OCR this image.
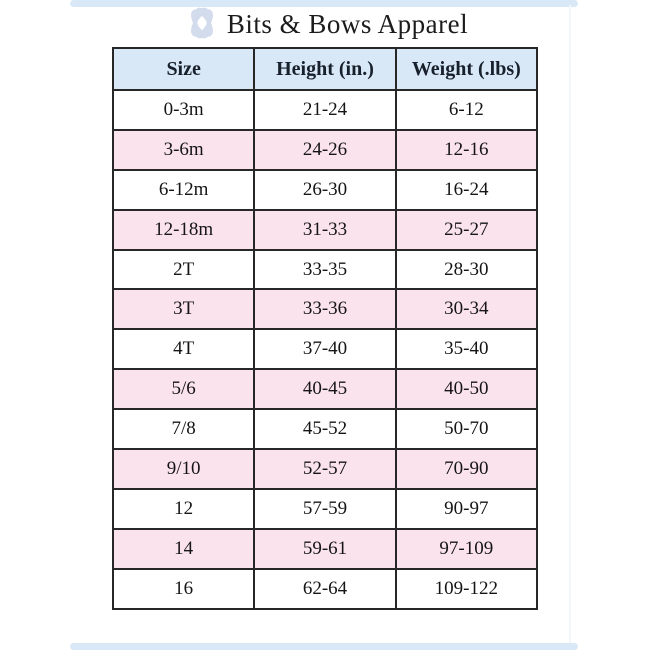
Bits & Bows Apparel
Size	Height (in.)	Weight (.lbs)
0-3m	21-24	6-12
3-6m	24-26	12-16
6-12m	26-30	16-24
12-18m	31-33	25-27
2T	33-35	28-30
3T	33-36	30-34
4T	37-40	35-40
5/6	40-45	40-50
7/8	45-52	50-70
9/10	52-57	70-90
12	57-59	90-97
14	59-61	97-109
16	62-64	109-122
